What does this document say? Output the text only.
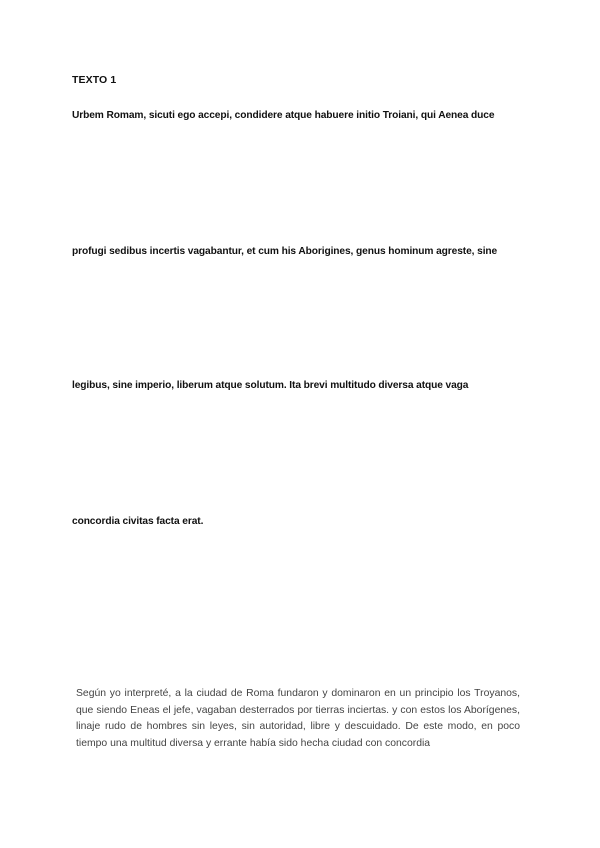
TEXTO 1
Urbem Romam, sicuti ego accepi, condidere atque habuere initio Troiani, qui Aenea duce
profugi sedibus incertis vagabantur, et cum his Aborigines, genus hominum agreste, sine
legibus, sine imperio, liberum atque solutum. Ita brevi multitudo diversa atque vaga
concordia civitas facta erat.
Según yo interpreté, a la ciudad de Roma fundaron y dominaron en un principio los Troyanos, que siendo Eneas el jefe, vagaban desterrados por tierras inciertas. y con estos los Aborígenes, linaje rudo de hombres sin leyes, sin autoridad, libre y descuidado. De este modo, en poco tiempo una multitud diversa y errante había sido hecha ciudad con concordia
